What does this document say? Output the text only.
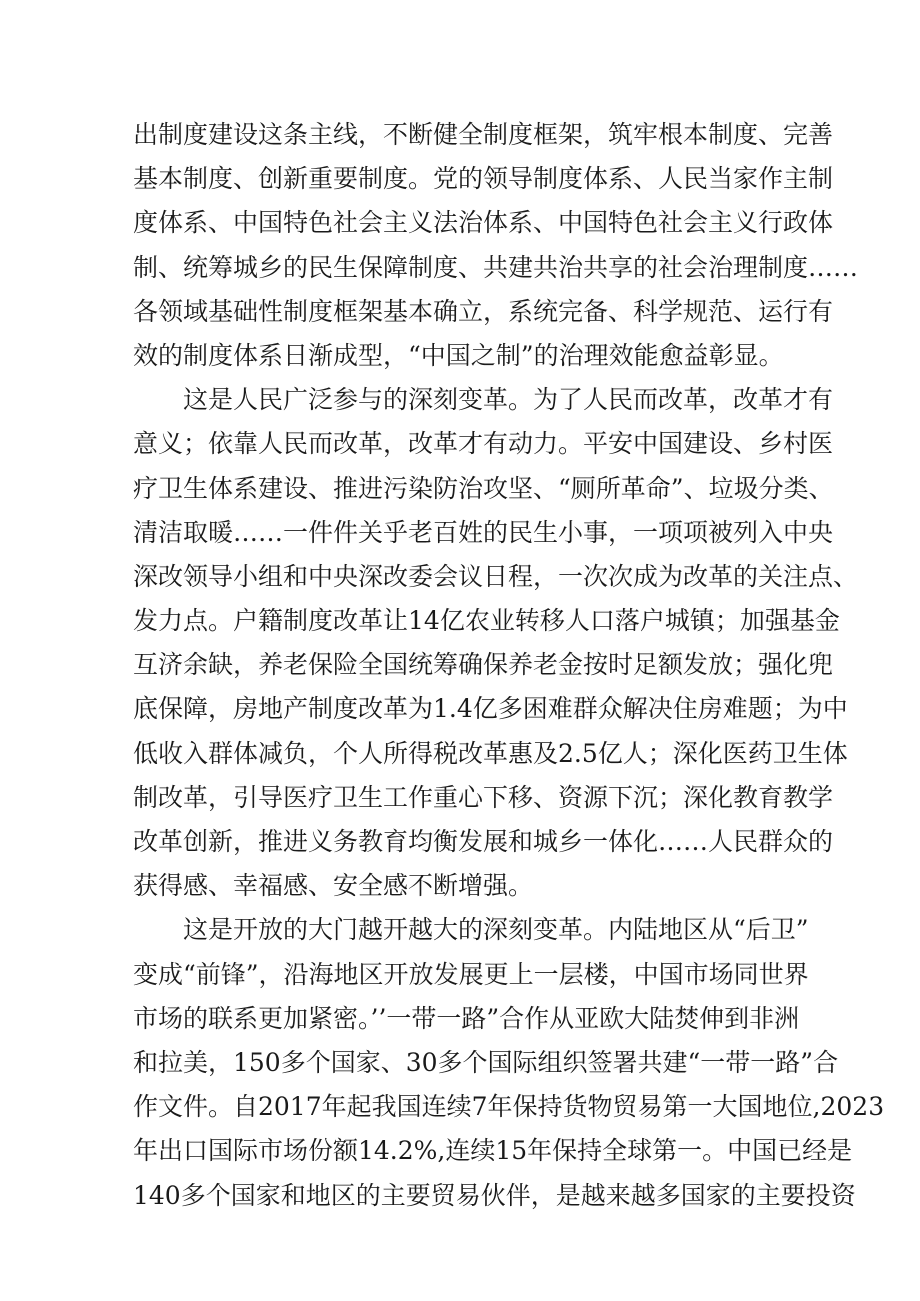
出制度建设这条主线，不断健全制度框架，筑牢根本制度、完善
基本制度、创新重要制度。党的领导制度体系、人民当家作主制
度体系、中国特色社会主义法治体系、中国特色社会主义行政体
制、统筹城乡的民生保障制度、共建共治共享的社会治理制度……
各领域基础性制度框架基本确立，系统完备、科学规范、运行有
效的制度体系日渐成型，“中国之制”的治理效能愈益彰显。
这是人民广泛参与的深刻变革。为了人民而改革，改革才有
意义；依靠人民而改革，改革才有动力。平安中国建设、乡村医
疗卫生体系建设、推进污染防治攻坚、“厕所革命”、垃圾分类、
清洁取暖……一件件关乎老百姓的民生小事，一项项被列入中央
深改领导小组和中央深改委会议日程，一次次成为改革的关注点、
发力点。户籍制度改革让14亿农业转移人口落户城镇；加强基金
互济余缺，养老保险全国统筹确保养老金按时足额发放；强化兜
底保障，房地产制度改革为1.4亿多困难群众解决住房难题；为中
低收入群体减负，个人所得税改革惠及2.5亿人；深化医药卫生体
制改革，引导医疗卫生工作重心下移、资源下沉；深化教育教学
改革创新，推进义务教育均衡发展和城乡一体化……人民群众的
获得感、幸福感、安全感不断增强。
这是开放的大门越开越大的深刻变革。内陆地区从“后卫”
变成“前锋”，沿海地区开放发展更上一层楼，中国市场同世界
市场的联系更加紧密。’’一带一路”合作从亚欧大陆焚伸到非洲
和拉美，150多个国家、30多个国际组织签署共建“一带一路”合
作文件。自2017年起我国连续7年保持货物贸易第一大国地位,2023
年出口国际市场份额14.2%,连续15年保持全球第一。中国已经是
140多个国家和地区的主要贸易伙伴，是越来越多国家的主要投资
